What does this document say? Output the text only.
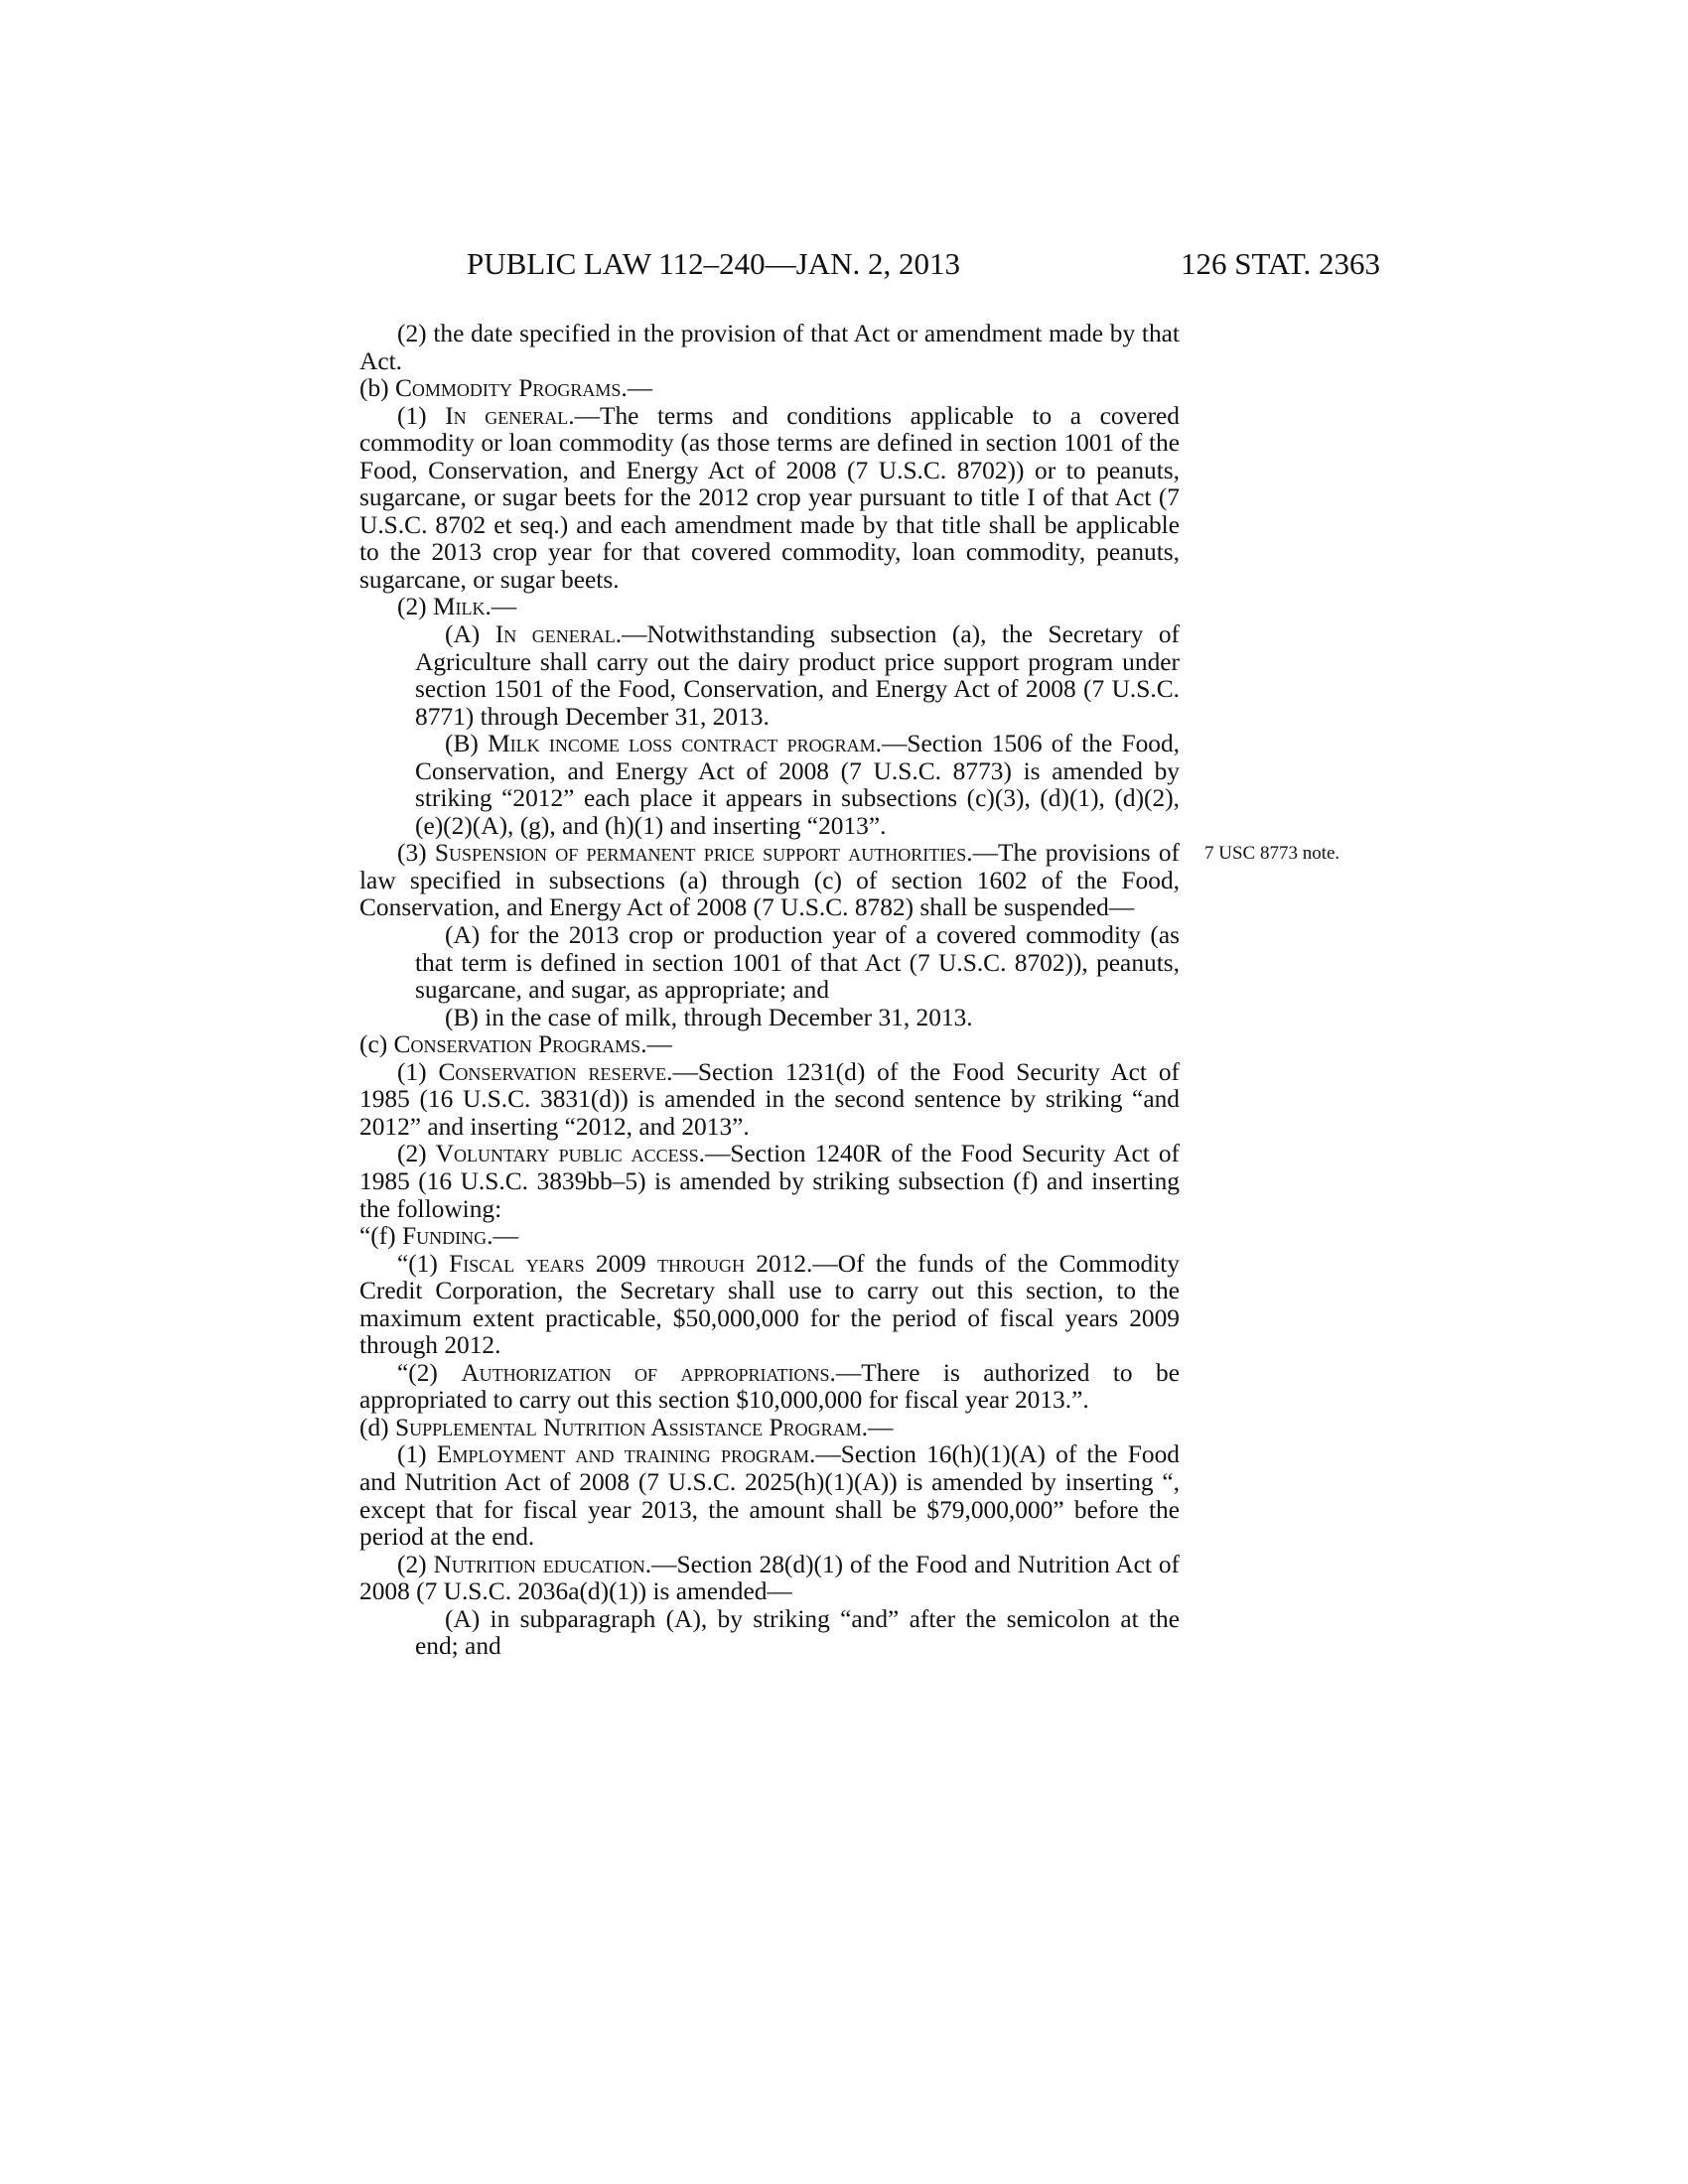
PUBLIC LAW 112–240—JAN. 2, 2013	126 STAT. 2363
(2) the date specified in the provision of that Act or amendment made by that Act.
(b) Commodity Programs.—
(1) In general.—The terms and conditions applicable to a covered commodity or loan commodity (as those terms are defined in section 1001 of the Food, Conservation, and Energy Act of 2008 (7 U.S.C. 8702)) or to peanuts, sugarcane, or sugar beets for the 2012 crop year pursuant to title I of that Act (7 U.S.C. 8702 et seq.) and each amendment made by that title shall be applicable to the 2013 crop year for that covered commodity, loan commodity, peanuts, sugarcane, or sugar beets.
(2) Milk.—
(A) In general.—Notwithstanding subsection (a), the Secretary of Agriculture shall carry out the dairy product price support program under section 1501 of the Food, Conservation, and Energy Act of 2008 (7 U.S.C. 8771) through December 31, 2013.
(B) Milk income loss contract program.—Section 1506 of the Food, Conservation, and Energy Act of 2008 (7 U.S.C. 8773) is amended by striking “2012” each place it appears in subsections (c)(3), (d)(1), (d)(2), (e)(2)(A), (g), and (h)(1) and inserting “2013”.
(3) Suspension of permanent price support authorities.—The provisions of law specified in subsections (a) through (c) of section 1602 of the Food, Conservation, and Energy Act of 2008 (7 U.S.C. 8782) shall be suspended—
(A) for the 2013 crop or production year of a covered commodity (as that term is defined in section 1001 of that Act (7 U.S.C. 8702)), peanuts, sugarcane, and sugar, as appropriate; and
(B) in the case of milk, through December 31, 2013.
(c) Conservation Programs.—
(1) Conservation reserve.—Section 1231(d) of the Food Security Act of 1985 (16 U.S.C. 3831(d)) is amended in the second sentence by striking “and 2012” and inserting “2012, and 2013”.
(2) Voluntary public access.—Section 1240R of the Food Security Act of 1985 (16 U.S.C. 3839bb–5) is amended by striking subsection (f) and inserting the following:
“(f) Funding.—
“(1) Fiscal years 2009 through 2012.—Of the funds of the Commodity Credit Corporation, the Secretary shall use to carry out this section, to the maximum extent practicable, $50,000,000 for the period of fiscal years 2009 through 2012.
“(2) Authorization of appropriations.—There is authorized to be appropriated to carry out this section $10,000,000 for fiscal year 2013.”.
(d) Supplemental Nutrition Assistance Program.—
(1) Employment and training program.—Section 16(h)(1)(A) of the Food and Nutrition Act of 2008 (7 U.S.C. 2025(h)(1)(A)) is amended by inserting “, except that for fiscal year 2013, the amount shall be $79,000,000” before the period at the end.
(2) Nutrition education.—Section 28(d)(1) of the Food and Nutrition Act of 2008 (7 U.S.C. 2036a(d)(1)) is amended—
(A) in subparagraph (A), by striking “and” after the semicolon at the end; and
7 USC 8773 note.
